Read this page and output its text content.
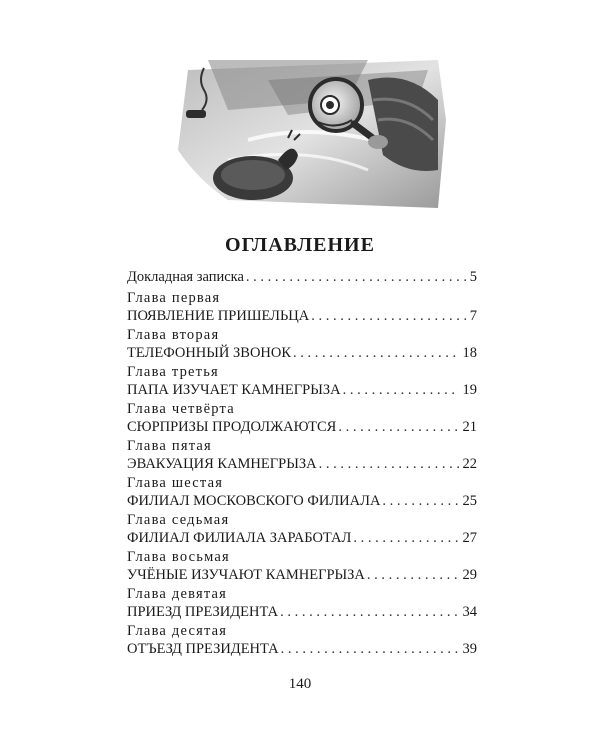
ОГЛАВЛЕНИЕ
Докладная записка . . .	5
Глава первая
ПОЯВЛЕНИЕ ПРИШЕЛЬЦА . . .	7
Глава вторая
ТЕЛЕФОННЫЙ ЗВОНОК . . .	18
Глава третья
ПАПА ИЗУЧАЕТ КАМНЕГРЫЗА . . .	19
Глава четвёрта
СЮРПРИЗЫ ПРОДОЛЖАЮТСЯ . . .	21
Глава пятая
ЭВАКУАЦИЯ КАМНЕГРЫЗА . . .	22
Глава шестая
ФИЛИАЛ МОСКОВСКОГО ФИЛИАЛА . . .	25
Глава седьмая
ФИЛИАЛ ФИЛИАЛА ЗАРАБОТАЛ . . .	27
Глава восьмая
УЧЁНЫЕ ИЗУЧАЮТ КАМНЕГРЫЗА . . .	29
Глава девятая
ПРИЕЗД ПРЕЗИДЕНТА . . .	34
Глава десятая
ОТЪЕЗД ПРЕЗИДЕНТА . . .	39
140
